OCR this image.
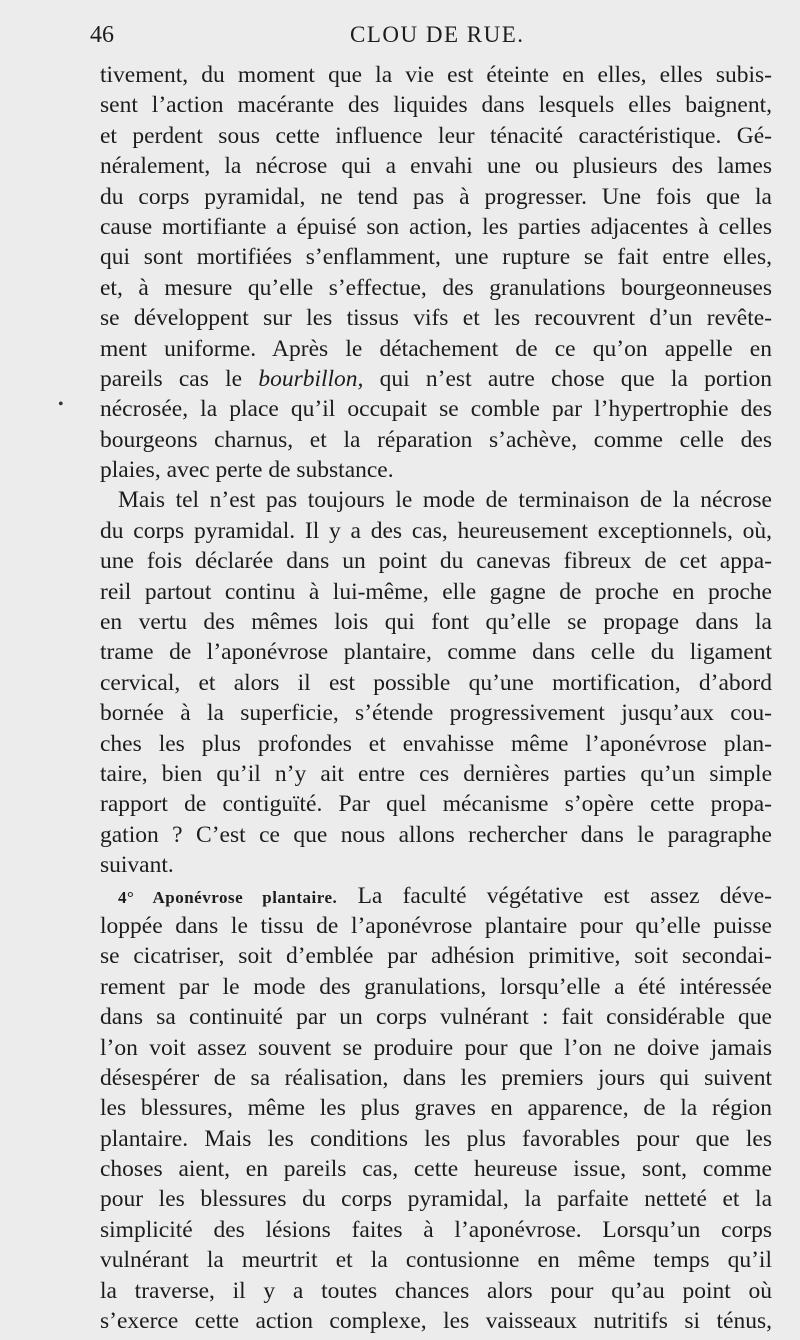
46	CLOU DE RUE.
•
tivement, du moment que la vie est éteinte en elles, elles subis-
sent l’action macérante des liquides dans lesquels elles baignent,
et perdent sous cette influence leur ténacité caractéristique. Gé-
néralement, la nécrose qui a envahi une ou plusieurs des lames
du corps pyramidal, ne tend pas à progresser. Une fois que la
cause mortifiante a épuisé son action, les parties adjacentes à celles
qui sont mortifiées s’enflamment, une rupture se fait entre elles,
et, à mesure qu’elle s’effectue, des granulations bourgeonneuses
se développent sur les tissus vifs et les recouvrent d’un revête-
ment uniforme. Après le détachement de ce qu’on appelle en
pareils cas le bourbillon, qui n’est autre chose que la portion
nécrosée, la place qu’il occupait se comble par l’hypertrophie des
bourgeons charnus, et la réparation s’achève, comme celle des
plaies, avec perte de substance.
Mais tel n’est pas toujours le mode de terminaison de la nécrose
du corps pyramidal. Il y a des cas, heureusement exceptionnels, où,
une fois déclarée dans un point du canevas fibreux de cet appa-
reil partout continu à lui-même, elle gagne de proche en proche
en vertu des mêmes lois qui font qu’elle se propage dans la
trame de l’aponévrose plantaire, comme dans celle du ligament
cervical, et alors il est possible qu’une mortification, d’abord
bornée à la superficie, s’étende progressivement jusqu’aux cou-
ches les plus profondes et envahisse même l’aponévrose plan-
taire, bien qu’il n’y ait entre ces dernières parties qu’un simple
rapport de contiguïté. Par quel mécanisme s’opère cette propa-
gation ? C’est ce que nous allons rechercher dans le paragraphe
suivant.
4° Aponévrose plantaire. La faculté végétative est assez déve-
loppée dans le tissu de l’aponévrose plantaire pour qu’elle puisse
se cicatriser, soit d’emblée par adhésion primitive, soit secondai-
rement par le mode des granulations, lorsqu’elle a été intéressée
dans sa continuité par un corps vulnérant : fait considérable que
l’on voit assez souvent se produire pour que l’on ne doive jamais
désespérer de sa réalisation, dans les premiers jours qui suivent
les blessures, même les plus graves en apparence, de la région
plantaire. Mais les conditions les plus favorables pour que les
choses aient, en pareils cas, cette heureuse issue, sont, comme
pour les blessures du corps pyramidal, la parfaite netteté et la
simplicité des lésions faites à l’aponévrose. Lorsqu’un corps
vulnérant la meurtrit et la contusionne en même temps qu’il
la traverse, il y a toutes chances alors pour qu’au point où
s’exerce cette action complexe, les vaisseaux nutritifs si ténus,
